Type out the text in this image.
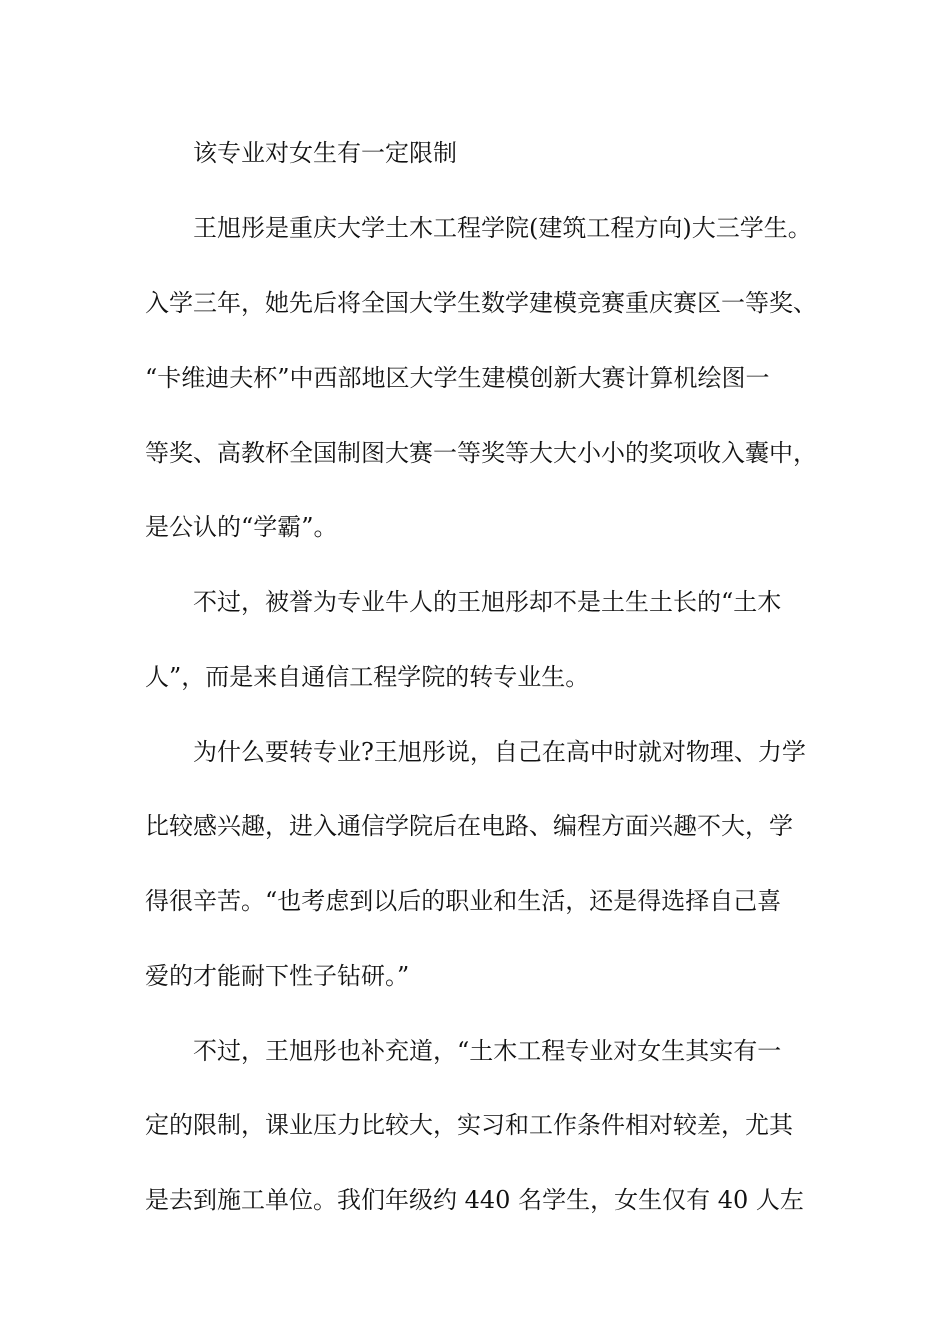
该专业对女生有一定限制
王旭彤是重庆大学土木工程学院(建筑工程方向)大三学生。
入学三年，她先后将全国大学生数学建模竞赛重庆赛区一等奖、
“卡维迪夫杯”中西部地区大学生建模创新大赛计算机绘图一
等奖、高教杯全国制图大赛一等奖等大大小小的奖项收入囊中，
是公认的“学霸”。
不过，被誉为专业牛人的王旭彤却不是土生土长的“土木
人”，而是来自通信工程学院的转专业生。
为什么要转专业?王旭彤说，自己在高中时就对物理、力学
比较感兴趣，进入通信学院后在电路、编程方面兴趣不大，学
得很辛苦。“也考虑到以后的职业和生活，还是得选择自己喜
爱的才能耐下性子钻研。”
不过，王旭彤也补充道，“土木工程专业对女生其实有一
定的限制，课业压力比较大，实习和工作条件相对较差，尤其
是去到施工单位。我们年级约 440 名学生，女生仅有 40 人左
